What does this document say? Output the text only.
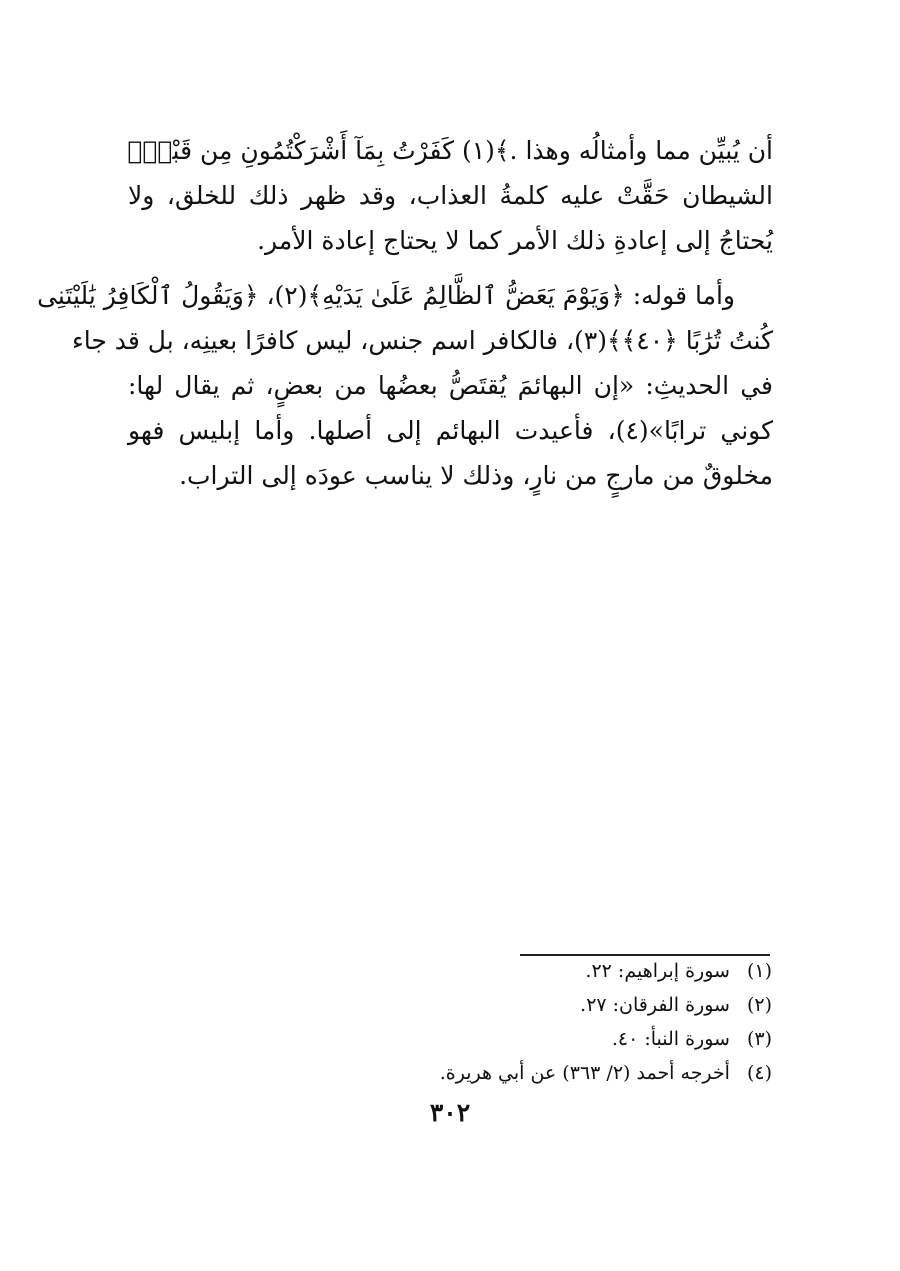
أن يُبيِّن مما وأمثالُه وهذا .﴾(١) كَفَرْتُ بِمَآ أَشْرَكْتُمُونِ مِن قَبْلُۗ
الشيطان حَقَّتْ عليه كلمةُ العذاب، وقد ظهر ذلك للخلق، ولا
يُحتاجُ إلى إعادةِ ذلك الأمر كما لا يحتاج إعادة الأمر.
وأما قوله: ﴿وَيَوْمَ يَعَضُّ ٱلظَّالِمُ عَلَىٰ يَدَيْهِ﴾(٢)، ﴿وَيَقُولُ ٱلْكَافِرُ يَٰلَيْتَنِى
كُنتُ تُرَٰبًا ﴿٤٠﴾﴾(٣)، فالكافر اسم جنس، ليس كافرًا بعينِه، بل قد جاء
في الحديثِ: «إن البهائمَ يُقتَصُّ بعضُها من بعضٍ، ثم يقال لها:
كوني ترابًا»(٤)، فأعيدت البهائم إلى أصلها. وأما إبليس فهو
مخلوقٌ من مارجٍ من نارٍ، وذلك لا يناسب عودَه إلى التراب.
(١) سورة إبراهيم: ٢٢.
(٢) سورة الفرقان: ٢٧.
(٣) سورة النبأ: ٤٠.
(٤) أخرجه أحمد (٢/ ٣٦٣) عن أبي هريرة.
٣٠٢
